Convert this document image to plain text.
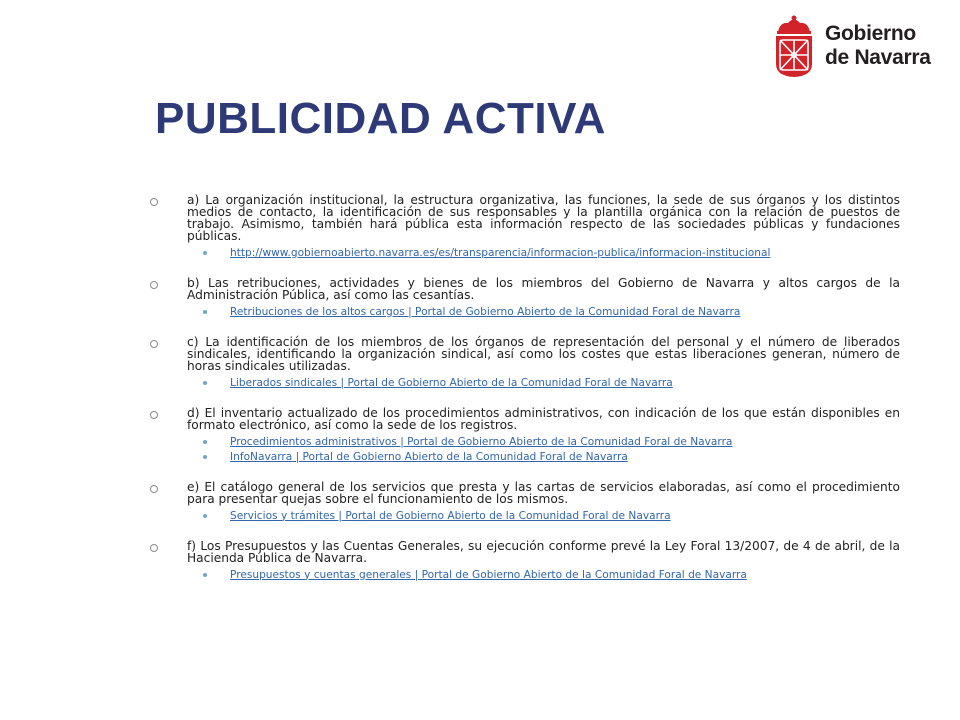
Gobierno
de Navarra
PUBLICIDAD ACTIVA
a) La organización institucional, la estructura organizativa, las funciones, la sede de sus órganos y los distintos medios de contacto, la identificación de sus responsables y la plantilla orgánica con la relación de puestos de trabajo. Asimismo, también hará pública esta información respecto de las sociedades públicas y fundaciones públicas.
http://www.gobiernoabierto.navarra.es/es/transparencia/informacion-publica/informacion-institucional
b) Las retribuciones, actividades y bienes de los miembros del Gobierno de Navarra y altos cargos de la Administración Pública, así como las cesantías.
Retribuciones de los altos cargos | Portal de Gobierno Abierto de la Comunidad Foral de Navarra
c) La identificación de los miembros de los órganos de representación del personal y el número de liberados sindicales, identificando la organización sindical, así como los costes que estas liberaciones generan, número de horas sindicales utilizadas.
Liberados sindicales | Portal de Gobierno Abierto de la Comunidad Foral de Navarra
d) El inventario actualizado de los procedimientos administrativos, con indicación de los que están disponibles en formato electrónico, así como la sede de los registros.
Procedimientos administrativos | Portal de Gobierno Abierto de la Comunidad Foral de Navarra
InfoNavarra | Portal de Gobierno Abierto de la Comunidad Foral de Navarra
e) El catálogo general de los servicios que presta y las cartas de servicios elaboradas, así como el procedimiento para presentar quejas sobre el funcionamiento de los mismos.
Servicios y trámites | Portal de Gobierno Abierto de la Comunidad Foral de Navarra
f) Los Presupuestos y las Cuentas Generales, su ejecución conforme prevé la Ley Foral 13/2007, de 4 de abril, de la Hacienda Pública de Navarra.
Presupuestos y cuentas generales | Portal de Gobierno Abierto de la Comunidad Foral de Navarra
